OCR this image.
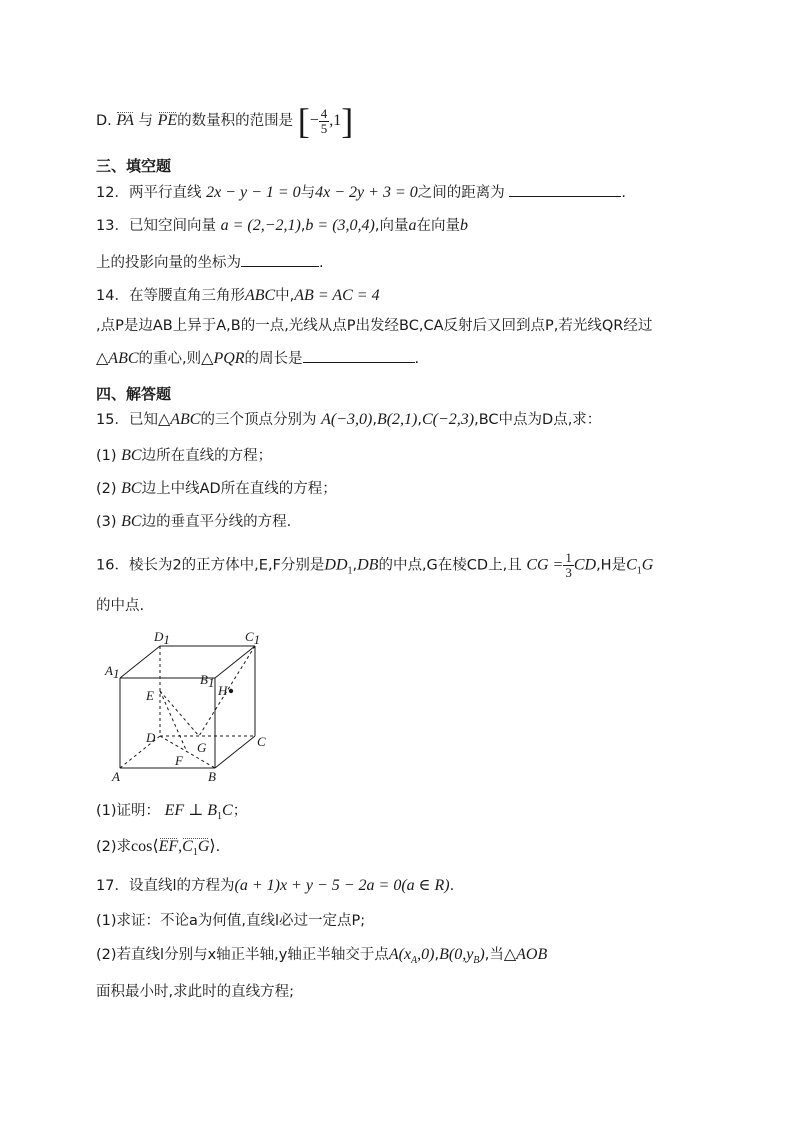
D. PA 与 PE的数量积的范围是 [− $\frac{4}{5} ,1$]
三、填空题
12．两平行直线 2x − y − 1 = 0与4x − 2y + 3 = 0之间的距离为	.
13．已知空间向量 a = (2,−2,1),b = (3,0,4),向量a在向量b
上的投影向量的坐标为	.
14．在等腰直角三角形ABC中,AB = AC = 4
,点P是边AB上异于A,B的一点,光线从点P出发经BC,CA反射后又回到点P,若光线QR经过
△ABC的重心,则△PQR的周长是	.
四、解答题
15．已知△ABC的三个顶点分别为 A(−3,0),B(2,1),C(−2,3),BC中点为D点,求：
(1) BC边所在直线的方程；
(2) BC边上中线AD所在直线的方程；
(3) BC边的垂直平分线的方程.
16．棱长为2的正方体中,E,F分别是$DD_1,DB$的中点,G在棱CD上,且 CG = $\frac{1}{3} CD,H$是$C_1G$
的中点.
D1	C1
A1	B1
E	H
D	C
G
F
A	B
(1)证明： EF ⊥ $B_1C$；
(2)求$\cos⟨EF,C_1G⟩$.
17．设直线l的方程为(a + 1)x + y − 5 − 2a = 0(a ∈ R).
(1)求证：不论a为何值,直线l必过一定点P;
(2)若直线l分别与x轴正半轴,y轴正半轴交于点$A(x_A,0),B(0,y_B)$,当△AOB
面积最小时,求此时的直线方程;
